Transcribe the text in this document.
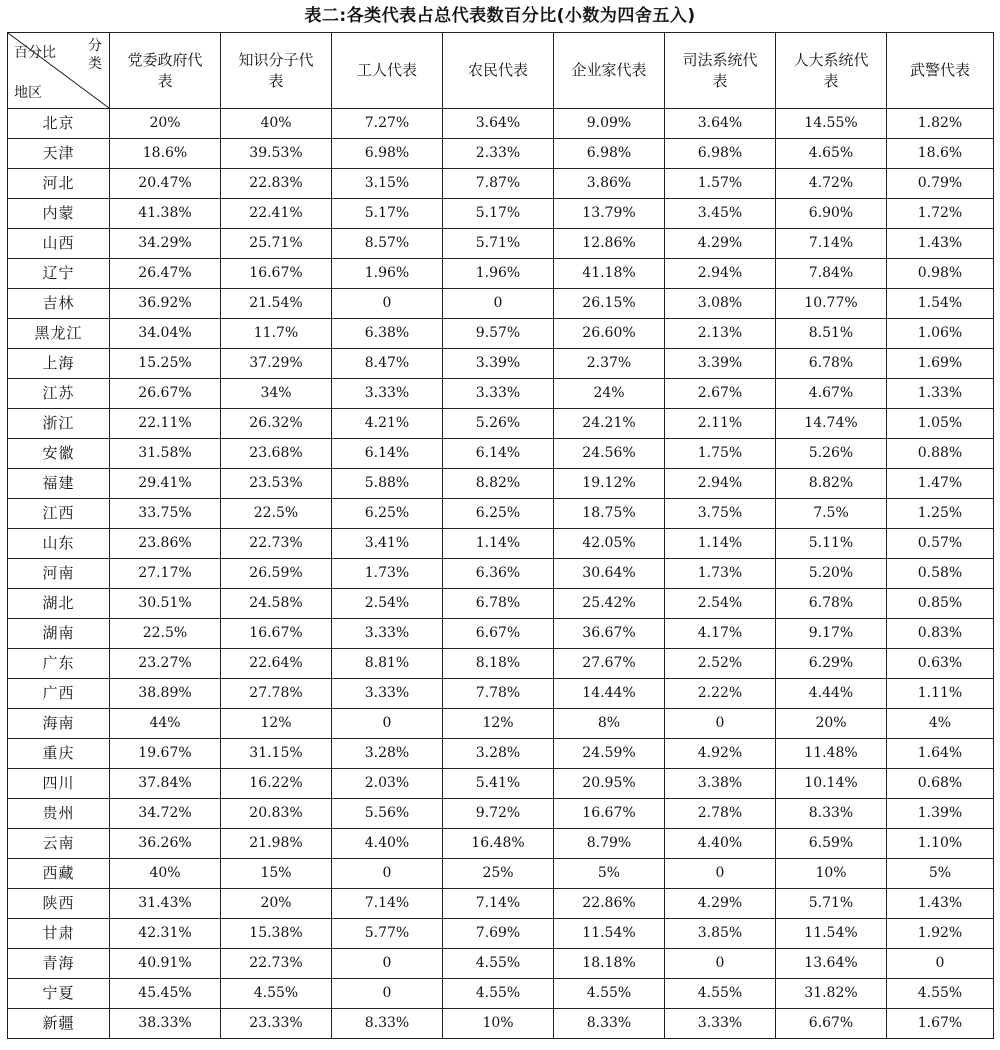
表二:各类代表占总代表数百分比(小数为四舍五入)
百分比 分类
地区	党委政府代表	知识分子代表	工人代表	农民代表	企业家代表	司法系统代表	人大系统代表	武警代表
北京	20%	40%	7.27%	3.64%	9.09%	3.64%	14.55%	1.82%
天津	18.6%	39.53%	6.98%	2.33%	6.98%	6.98%	4.65%	18.6%
河北	20.47%	22.83%	3.15%	7.87%	3.86%	1.57%	4.72%	0.79%
内蒙	41.38%	22.41%	5.17%	5.17%	13.79%	3.45%	6.90%	1.72%
山西	34.29%	25.71%	8.57%	5.71%	12.86%	4.29%	7.14%	1.43%
辽宁	26.47%	16.67%	1.96%	1.96%	41.18%	2.94%	7.84%	0.98%
吉林	36.92%	21.54%	0	0	26.15%	3.08%	10.77%	1.54%
黑龙江	34.04%	11.7%	6.38%	9.57%	26.60%	2.13%	8.51%	1.06%
上海	15.25%	37.29%	8.47%	3.39%	2.37%	3.39%	6.78%	1.69%
江苏	26.67%	34%	3.33%	3.33%	24%	2.67%	4.67%	1.33%
浙江	22.11%	26.32%	4.21%	5.26%	24.21%	2.11%	14.74%	1.05%
安徽	31.58%	23.68%	6.14%	6.14%	24.56%	1.75%	5.26%	0.88%
福建	29.41%	23.53%	5.88%	8.82%	19.12%	2.94%	8.82%	1.47%
江西	33.75%	22.5%	6.25%	6.25%	18.75%	3.75%	7.5%	1.25%
山东	23.86%	22.73%	3.41%	1.14%	42.05%	1.14%	5.11%	0.57%
河南	27.17%	26.59%	1.73%	6.36%	30.64%	1.73%	5.20%	0.58%
湖北	30.51%	24.58%	2.54%	6.78%	25.42%	2.54%	6.78%	0.85%
湖南	22.5%	16.67%	3.33%	6.67%	36.67%	4.17%	9.17%	0.83%
广东	23.27%	22.64%	8.81%	8.18%	27.67%	2.52%	6.29%	0.63%
广西	38.89%	27.78%	3.33%	7.78%	14.44%	2.22%	4.44%	1.11%
海南	44%	12%	0	12%	8%	0	20%	4%
重庆	19.67%	31.15%	3.28%	3.28%	24.59%	4.92%	11.48%	1.64%
四川	37.84%	16.22%	2.03%	5.41%	20.95%	3.38%	10.14%	0.68%
贵州	34.72%	20.83%	5.56%	9.72%	16.67%	2.78%	8.33%	1.39%
云南	36.26%	21.98%	4.40%	16.48%	8.79%	4.40%	6.59%	1.10%
西藏	40%	15%	0	25%	5%	0	10%	5%
陕西	31.43%	20%	7.14%	7.14%	22.86%	4.29%	5.71%	1.43%
甘肃	42.31%	15.38%	5.77%	7.69%	11.54%	3.85%	11.54%	1.92%
青海	40.91%	22.73%	0	4.55%	18.18%	0	13.64%	0
宁夏	45.45%	4.55%	0	4.55%	4.55%	4.55%	31.82%	4.55%
新疆	38.33%	23.33%	8.33%	10%	8.33%	3.33%	6.67%	1.67%
